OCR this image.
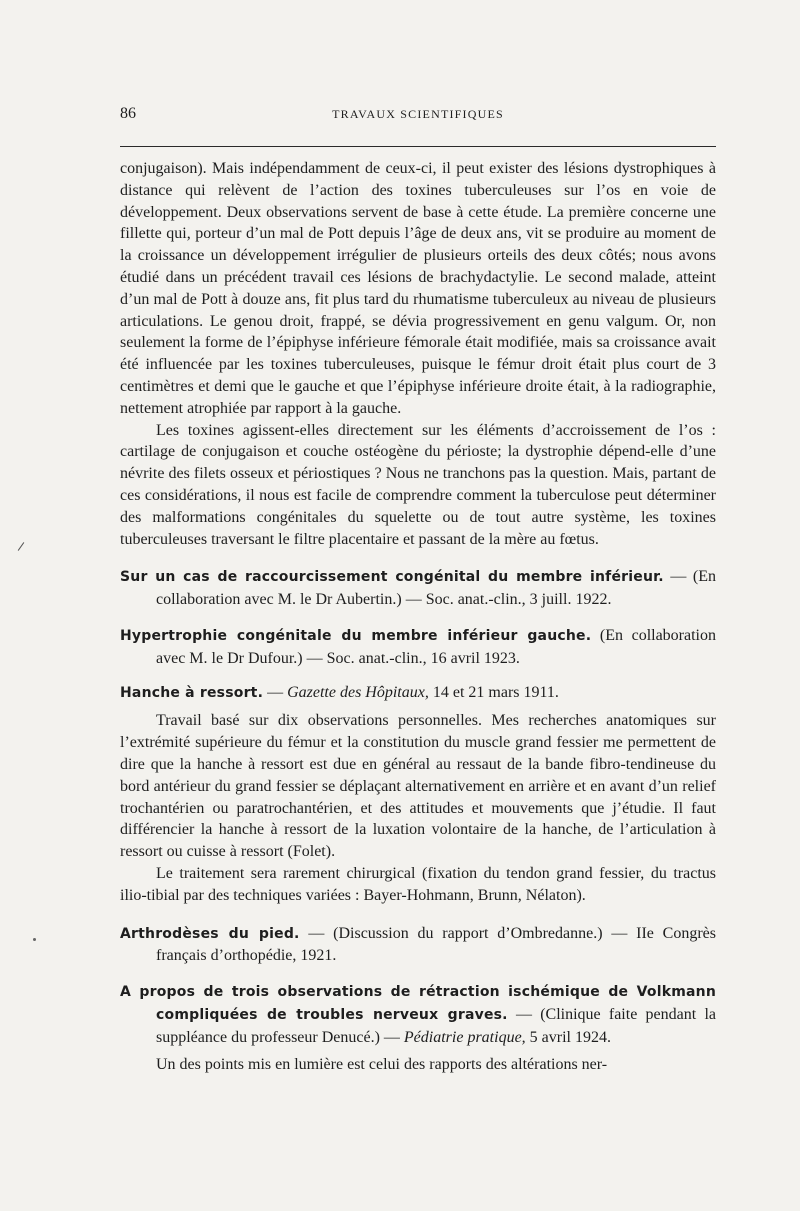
86	TRAVAUX SCIENTIFIQUES

conjugaison). Mais indépendamment de ceux-ci, il peut exister des lésions dystrophiques à distance qui relèvent de l’action des toxines tuberculeuses sur l’os en voie de développement. Deux observations servent de base à cette étude. La première concerne une fillette qui, porteur d’un mal de Pott depuis l’âge de deux ans, vit se produire au moment de la croissance un développement irrégulier de plusieurs orteils des deux côtés; nous avons étudié dans un précédent travail ces lésions de brachydactylie. Le second malade, atteint d’un mal de Pott à douze ans, fit plus tard du rhumatisme tuberculeux au niveau de plusieurs articulations. Le genou droit, frappé, se dévia progressivement en genu valgum. Or, non seulement la forme de l’épiphyse inférieure fémorale était modifiée, mais sa croissance avait été influencée par les toxines tuberculeuses, puisque le fémur droit était plus court de 3 centimètres et demi que le gauche et que l’épiphyse inférieure droite était, à la radiographie, nettement atrophiée par rapport à la gauche.

Les toxines agissent-elles directement sur les éléments d’accroissement de l’os : cartilage de conjugaison et couche ostéogène du périoste; la dystrophie dépend-elle d’une névrite des filets osseux et périostiques ? Nous ne tranchons pas la question. Mais, partant de ces considérations, il nous est facile de comprendre comment la tuberculose peut déterminer des malformations congénitales du squelette ou de tout autre système, les toxines tuberculeuses traversant le filtre placentaire et passant de la mère au fœtus.

Sur un cas de raccourcissement congénital du membre inférieur. — (En collaboration avec M. le Dr Aubertin.) — Soc. anat.-clin., 3 juill. 1922.
Hypertrophie congénitale du membre inférieur gauche. (En collaboration avec M. le Dr Dufour.) — Soc. anat.-clin., 16 avril 1923.
Hanche à ressort. — Gazette des Hôpitaux, 14 et 21 mars 1911.

Travail basé sur dix observations personnelles. Mes recherches anatomiques sur l’extrémité supérieure du fémur et la constitution du muscle grand fessier me permettent de dire que la hanche à ressort est due en général au ressaut de la bande fibro-tendineuse du bord antérieur du grand fessier se déplaçant alternativement en arrière et en avant d’un relief trochantérien ou paratrochantérien, et des attitudes et mouvements que j’étudie. Il faut différencier la hanche à ressort de la luxation volontaire de la hanche, de l’articulation à ressort ou cuisse à ressort (Folet).

Le traitement sera rarement chirurgical (fixation du tendon grand fessier, du tractus ilio-tibial par des techniques variées : Bayer-Hohmann, Brunn, Nélaton).

Arthrodèses du pied. — (Discussion du rapport d’Ombredanne.) — IIe Congrès français d’orthopédie, 1921.
A propos de trois observations de rétraction ischémique de Volkmann compliquées de troubles nerveux graves. — (Clinique faite pendant la suppléance du professeur Denucé.) — Pédiatrie pratique, 5 avril 1924.

Un des points mis en lumière est celui des rapports des altérations ner-
